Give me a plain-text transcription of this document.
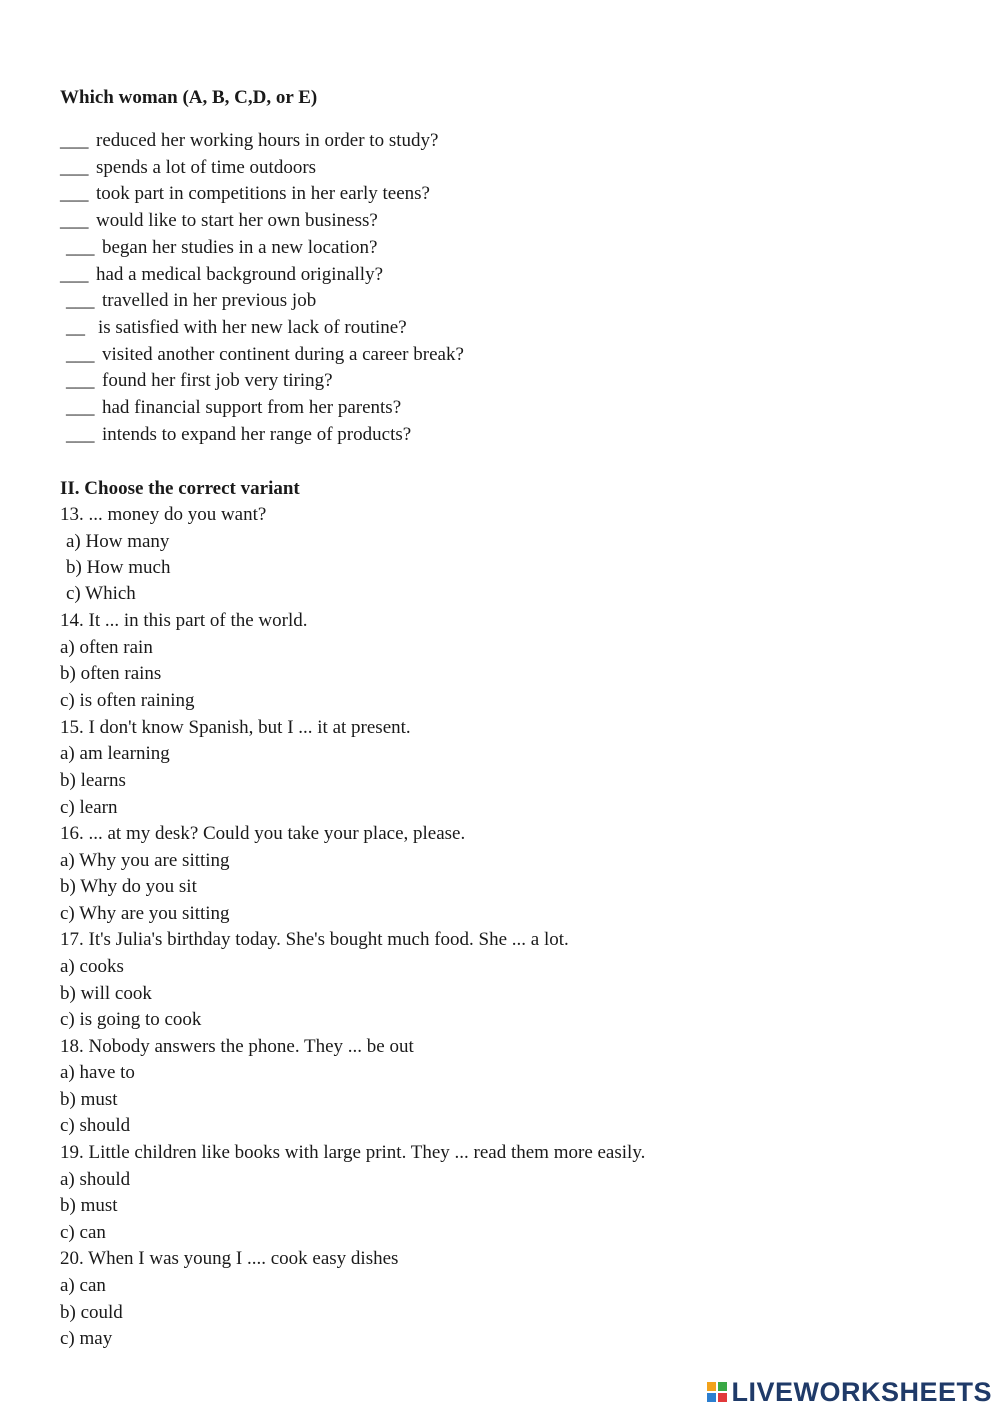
Which woman (A, B, C,D, or E)
___ reduced her working hours in order to study?
___ spends a lot of time outdoors
___ took part in competitions in her early teens?
___ would like to start her own business?
___ began her studies in a new location?
___ had a medical background originally?
___ travelled in her previous job
__ is satisfied with her new lack of routine?
___ visited another continent during a career break?
___ found her first job very tiring?
___ had financial support from her parents?
___ intends to expand her range of products?
II. Choose the correct variant
13. ... money do you want?
a) How many
b) How much
c) Which
14. It ... in this part of the world.
a) often rain
b) often rains
c) is often raining
15. I don't know Spanish, but I ... it at present.
a) am learning
b) learns
c) learn
16. ... at my desk? Could you take your place, please.
a) Why you are sitting
b) Why do you sit
c) Why are you sitting
17. It's Julia's birthday today. She's bought much food. She ... a lot.
a) cooks
b) will cook
c) is going to cook
18. Nobody answers the phone. They ... be out
a) have to
b) must
c) should
19. Little children like books with large print. They ... read them more easily.
a) should
b) must
c) can
20. When I was young I .... cook easy dishes
a) can
b) could
c) may
LIVEWORKSHEETS
